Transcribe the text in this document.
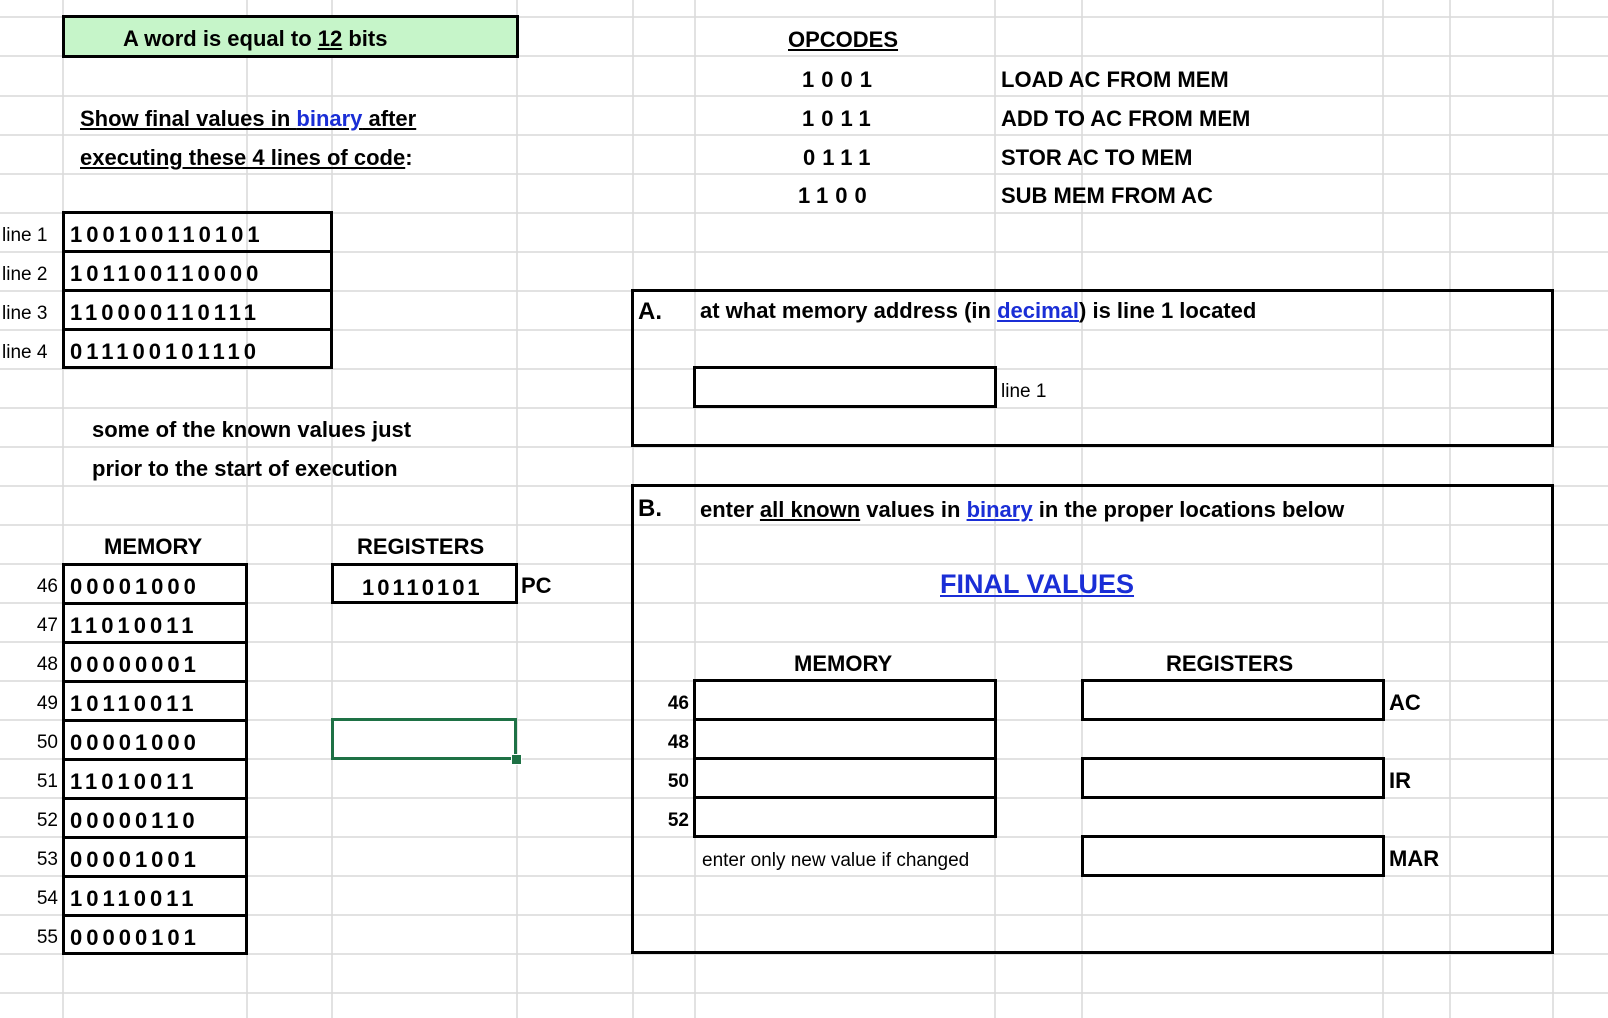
A word is equal to 12 bits
Show final values in binary after
executing these 4 lines of code:
line 1
line 2
line 3
line 4
100100110101
101100110000
110000110111
011100101110
some of the known values just
prior to the start of execution
MEMORY
46
47
48
49
50
51
52
53
54
55
00001000
11010011
00000001
10110011
00001000
11010011
00000110
00001001
10110011
00000101
REGISTERS
10110101 PC
OPCODES
1001
1011
0111
1100
LOAD AC FROM MEM
ADD TO AC FROM MEM
STOR AC TO MEM
SUB MEM FROM AC
A. at what memory address (in decimal) is line 1 located
line 1
B. enter all known values in binary in the proper locations below
FINAL VALUES
MEMORY	REGISTERS
46
48
50
52
enter only new value if changed
AC
IR
MAR
